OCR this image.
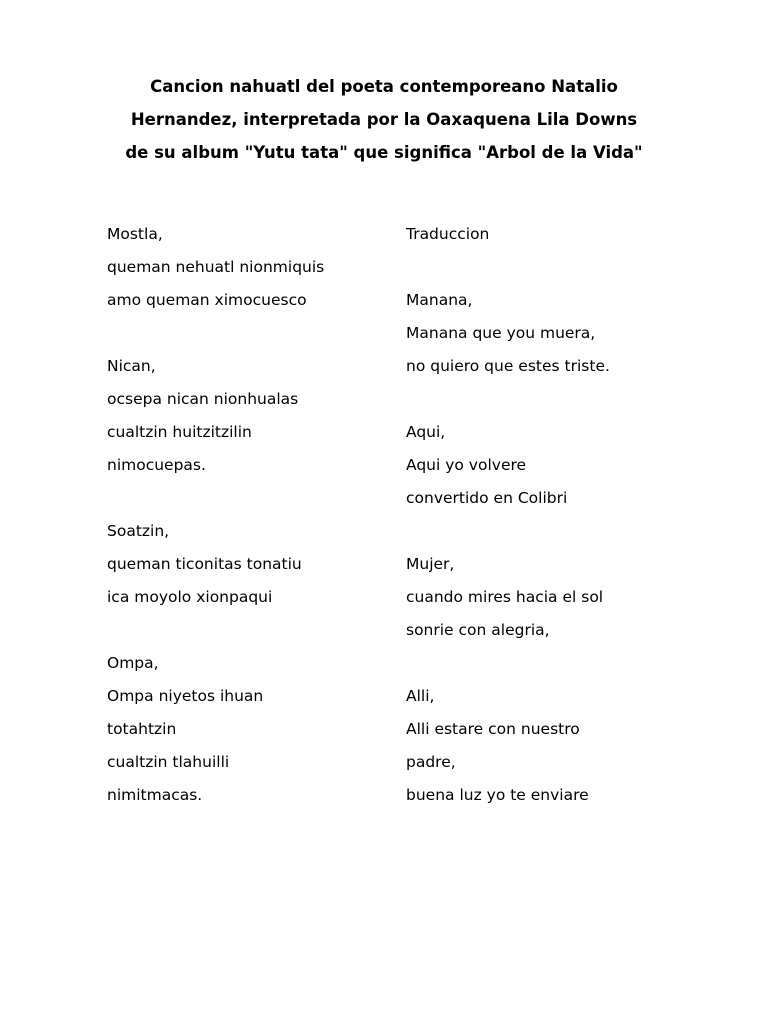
Cancion nahuatl del poeta contemporeano Natalio
Hernandez, interpretada por la Oaxaquena Lila Downs
de su album "Yutu tata" que significa "Arbol de la Vida"
Mostla,
queman nehuatl nionmiquis
amo queman ximocuesco
Nican,
ocsepa nican nionhualas
cualtzin huitzitzilin
nimocuepas.
Soatzin,
queman ticonitas tonatiu
ica moyolo xionpaqui
Ompa,
Ompa niyetos ihuan
totahtzin
cualtzin tlahuilli
nimitmacas.
Traduccion
Manana,
Manana que you muera,
no quiero que estes triste.
Aqui,
Aqui yo volvere
convertido en Colibri
Mujer,
cuando mires hacia el sol
sonrie con alegria,
Alli,
Alli estare con nuestro
padre,
buena luz yo te enviare
